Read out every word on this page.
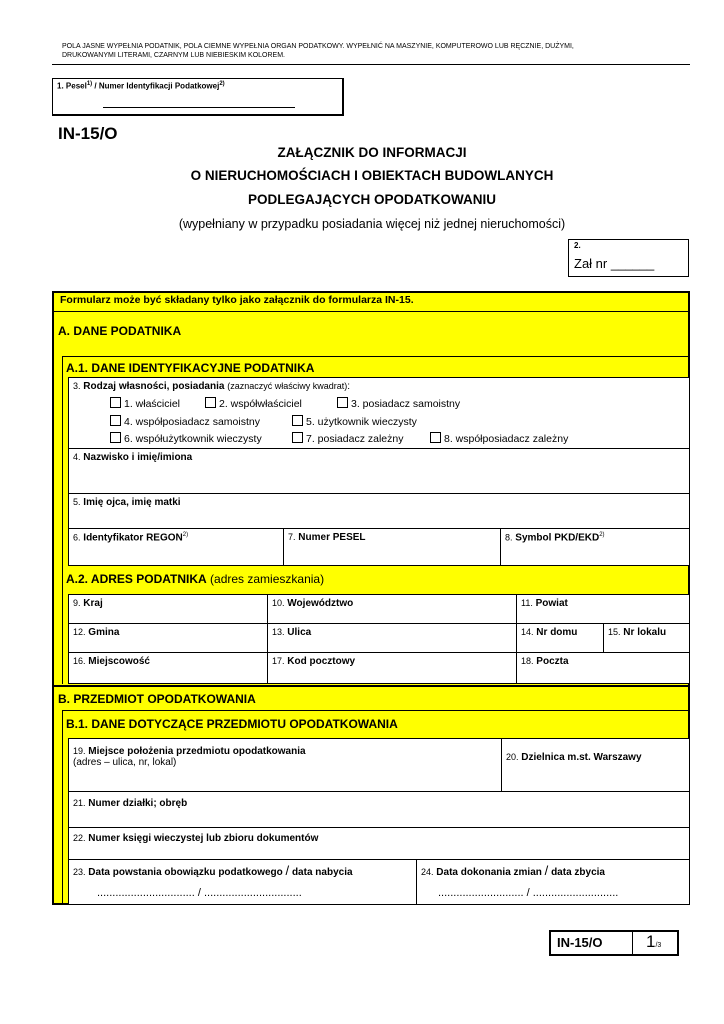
POLA JASNE WYPEŁNIA PODATNIK, POLA CIEMNE WYPEŁNIA ORGAN PODATKOWY. WYPEŁNIĆ NA MASZYNIE, KOMPUTEROWO LUB RĘCZNIE, DUŻYMI, DRUKOWANYMI LITERAMI, CZARNYM LUB NIEBIESKIM KOLOREM.
1. Pesel$^{1)}$ / Numer Identyfikacji Podatkowej$^{2)}$
IN-15/O
ZAŁĄCZNIK DO INFORMACJI
O NIERUCHOMOŚCIACH I OBIEKTACH BUDOWLANYCH
PODLEGAJĄCYCH OPODATKOWANIU
(wypełniany w przypadku posiadania więcej niż jednej nieruchomości)
2.
Zał nr ______
Formularz może być składany tylko jako załącznik do formularza IN-15.
A. DANE PODATNIKA
A.1. DANE IDENTYFIKACYJNE PODATNIKA
3. Rodzaj własności, posiadania (zaznaczyć właściwy kwadrat):
1. właściciel	2. współwłaściciel	3. posiadacz samoistny
4. współposiadacz samoistny	5. użytkownik wieczysty
6. współużytkownik wieczysty	7. posiadacz zależny	8. współposiadacz zależny
4. Nazwisko i imię/imiona
5. Imię ojca, imię matki
6. Identyfikator REGON$^{2)}$	7. Numer PESEL	8. Symbol PKD/EKD$^{2)}$
A.2. ADRES PODATNIKA (adres zamieszkania)
9. Kraj	10. Województwo	11. Powiat
12. Gmina	13. Ulica	14. Nr domu	15. Nr lokalu
16. Miejscowość	17. Kod pocztowy	18. Poczta
B. PRZEDMIOT OPODATKOWANIA
B.1. DANE DOTYCZĄCE PRZEDMIOTU OPODATKOWANIA
19. Miejsce położenia przedmiotu opodatkowania
(adres – ulica, nr, lokal)	20. Dzielnica m.st. Warszawy
21. Numer działki; obręb
22. Numer księgi wieczystej lub zbioru dokumentów
23. Data powstania obowiązku podatkowego / data nabycia
................................ / ................................
24. Data dokonania zmian / data zbycia
............................ / ............................
IN-15/O	1/3
